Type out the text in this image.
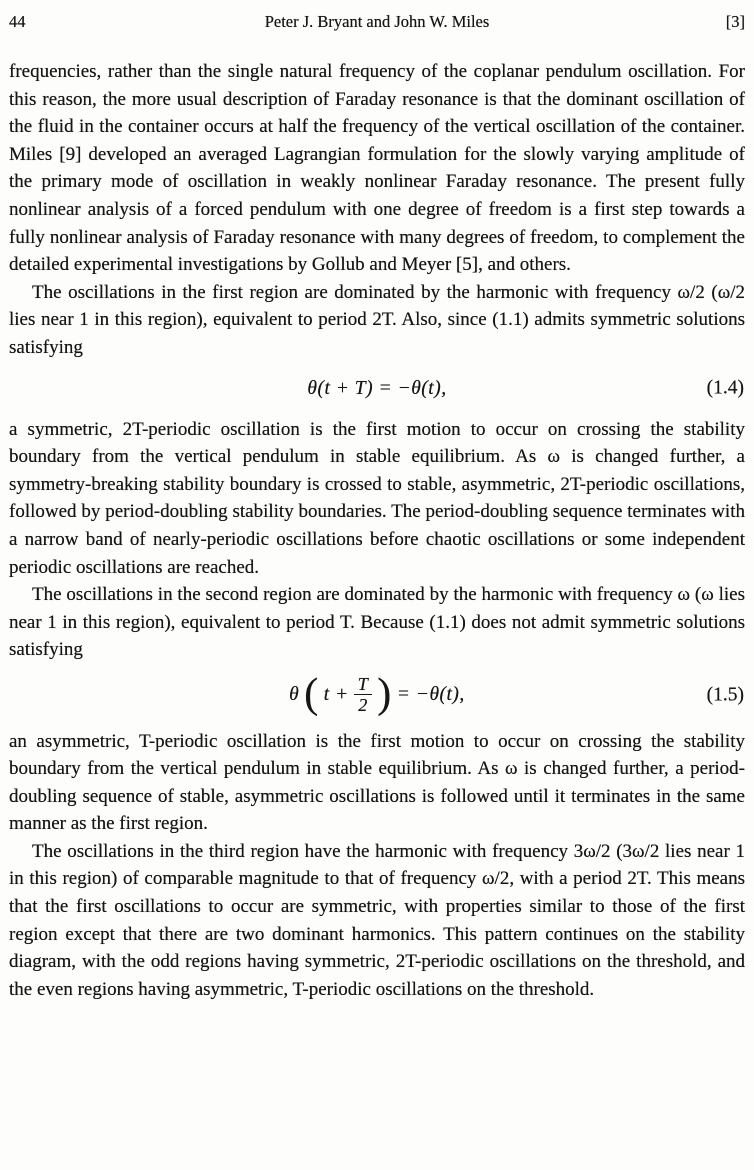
44	Peter J. Bryant and John W. Miles	[3]

frequencies, rather than the single natural frequency of the coplanar pendulum oscillation. For this reason, the more usual description of Faraday resonance is that the dominant oscillation of the fluid in the container occurs at half the frequency of the vertical oscillation of the container. Miles [9] developed an averaged Lagrangian formulation for the slowly varying amplitude of the primary mode of oscillation in weakly nonlinear Faraday resonance. The present fully nonlinear analysis of a forced pendulum with one degree of freedom is a first step towards a fully nonlinear analysis of Faraday resonance with many degrees of freedom, to complement the detailed experimental investigations by Gollub and Meyer [5], and others.

The oscillations in the first region are dominated by the harmonic with frequency ω/2 (ω/2 lies near 1 in this region), equivalent to period 2T. Also, since (1.1) admits symmetric solutions satisfying

θ(t + T) = −θ(t),	(1.4)

a symmetric, 2T-periodic oscillation is the first motion to occur on crossing the stability boundary from the vertical pendulum in stable equilibrium. As ω is changed further, a symmetry-breaking stability boundary is crossed to stable, asymmetric, 2T-periodic oscillations, followed by period-doubling stability boundaries. The period-doubling sequence terminates with a narrow band of nearly-periodic oscillations before chaotic oscillations or some independent periodic oscillations are reached.

The oscillations in the second region are dominated by the harmonic with frequency ω (ω lies near 1 in this region), equivalent to period T. Because (1.1) does not admit symmetric solutions satisfying

θ ( $t + \frac{T}{2}$ ) = −θ(t),	(1.5)

an asymmetric, T-periodic oscillation is the first motion to occur on crossing the stability boundary from the vertical pendulum in stable equilibrium. As ω is changed further, a period-doubling sequence of stable, asymmetric oscillations is followed until it terminates in the same manner as the first region.

The oscillations in the third region have the harmonic with frequency 3ω/2 (3ω/2 lies near 1 in this region) of comparable magnitude to that of frequency ω/2, with a period 2T. This means that the first oscillations to occur are symmetric, with properties similar to those of the first region except that there are two dominant harmonics. This pattern continues on the stability diagram, with the odd regions having symmetric, 2T-periodic oscillations on the threshold, and the even regions having asymmetric, T-periodic oscillations on the threshold.
